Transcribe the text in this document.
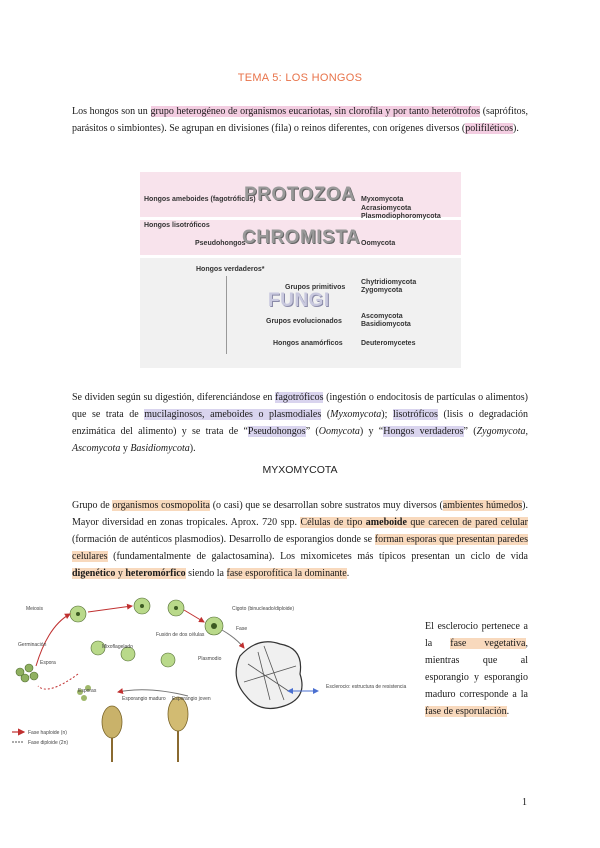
TEMA 5: LOS HONGOS
Los hongos son un grupo heterogéneo de organismos eucariotas, sin clorofila y por tanto heterótrofos (saprófitos, parásitos o simbiontes). Se agrupan en divisiones (fila) o reinos diferentes, con orígenes diversos (polifiléticos).
Hongos ameboides (fagotróficos)
PROTOZOA Myxomycota
Acrasiomycota
Plasmodiophoromycota
Hongos lisotróficos
CHROMISTA
Pseudohongos	Oomycota
Hongos verdaderos*
FUNGI
Grupos primitivos
Chytridiomycota
Zygomycota
Grupos evolucionados
Ascomycota
Basidiomycota
Hongos anamórficos	Deuteromycetes
Se dividen según su digestión, diferenciándose en fagotróficos (ingestión o endocitosis de partículas o alimentos) que se trata de mucilaginosos, ameboides o plasmodiales (Myxomycota); lisotróficos (lisis o degradación enzimática del alimento) y se trata de “Pseudohongos” (Oomycota) y “Hongos verdaderos” (Zygomycota, Ascomycota y Basidiomycota).
MYXOMYCOTA
Grupo de organismos cosmopolita (o casi) que se desarrollan sobre sustratos muy diversos (ambientes húmedos). Mayor diversidad en zonas tropicales. Aprox. 720 spp. Células de tipo ameboide que carecen de pared celular (formación de auténticos plasmodios). Desarrollo de esporangios donde se forman esporas que presentan paredes celulares (fundamentalmente de galactosamina). Los mixomicetes más típicos presentan un ciclo de vida digenético y heteromórfico siendo la fase esporofítica la dominante.
Meiosis
Germinación
Espora
Esporas
Esporangio maduro Esporangio joven
Mixoflagelado
Fusión de dos células
Cigoto (binucleado/diploide)
Fase
Plasmodio
Esclerocio: estructura de resistencia
Fase haploide (n)
Fase diploide (2n)
El esclerocio pertenece a la fase vegetativa, mientras que al esporangio y esporangio maduro corresponde a la fase de esporulación.
1
